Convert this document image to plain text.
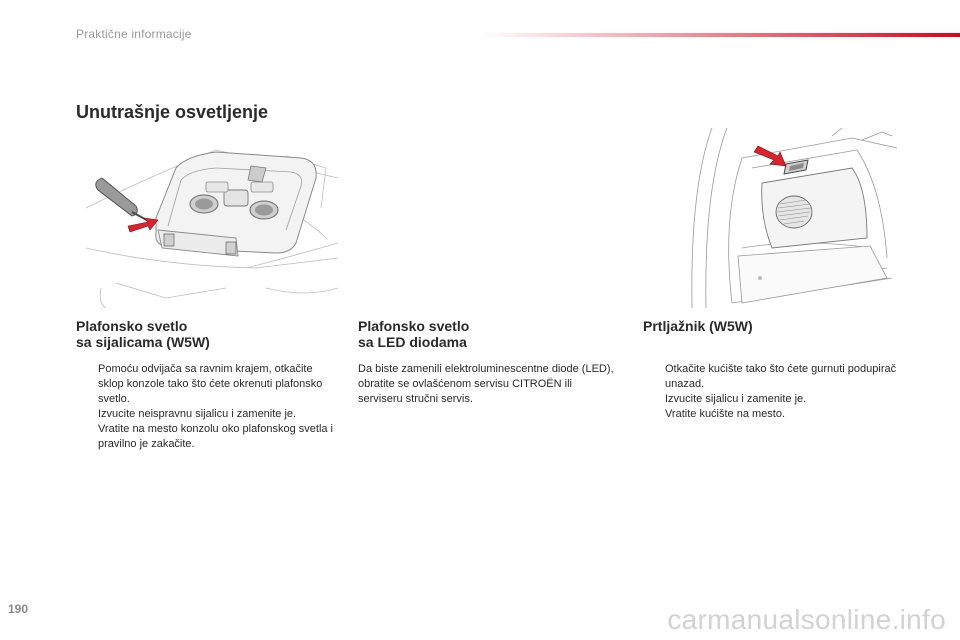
Praktične informacije
Unutrašnje osvetljenje
Plafonsko svetlo
sa sijalicama (W5W)
Pomoću odvijača sa ravnim krajem, otkačite sklop konzole tako što ćete okrenuti plafonsko svetlo.
Izvucite neispravnu sijalicu i zamenite je.
Vratite na mesto konzolu oko plafonskog svetla i pravilno je zakačite.
Plafonsko svetlo
sa LED diodama

Da biste zamenili elektroluminescentne diode (LED), obratite se ovlašćenom servisu CITROËN ili serviseru stručni servis.

Prtljažnik (W5W)
Otkačite kućište tako što ćete gurnuti podupirač unazad.
Izvucite sijalicu i zamenite je.
Vratite kućište na mesto.
190	carmanualsonline.info
